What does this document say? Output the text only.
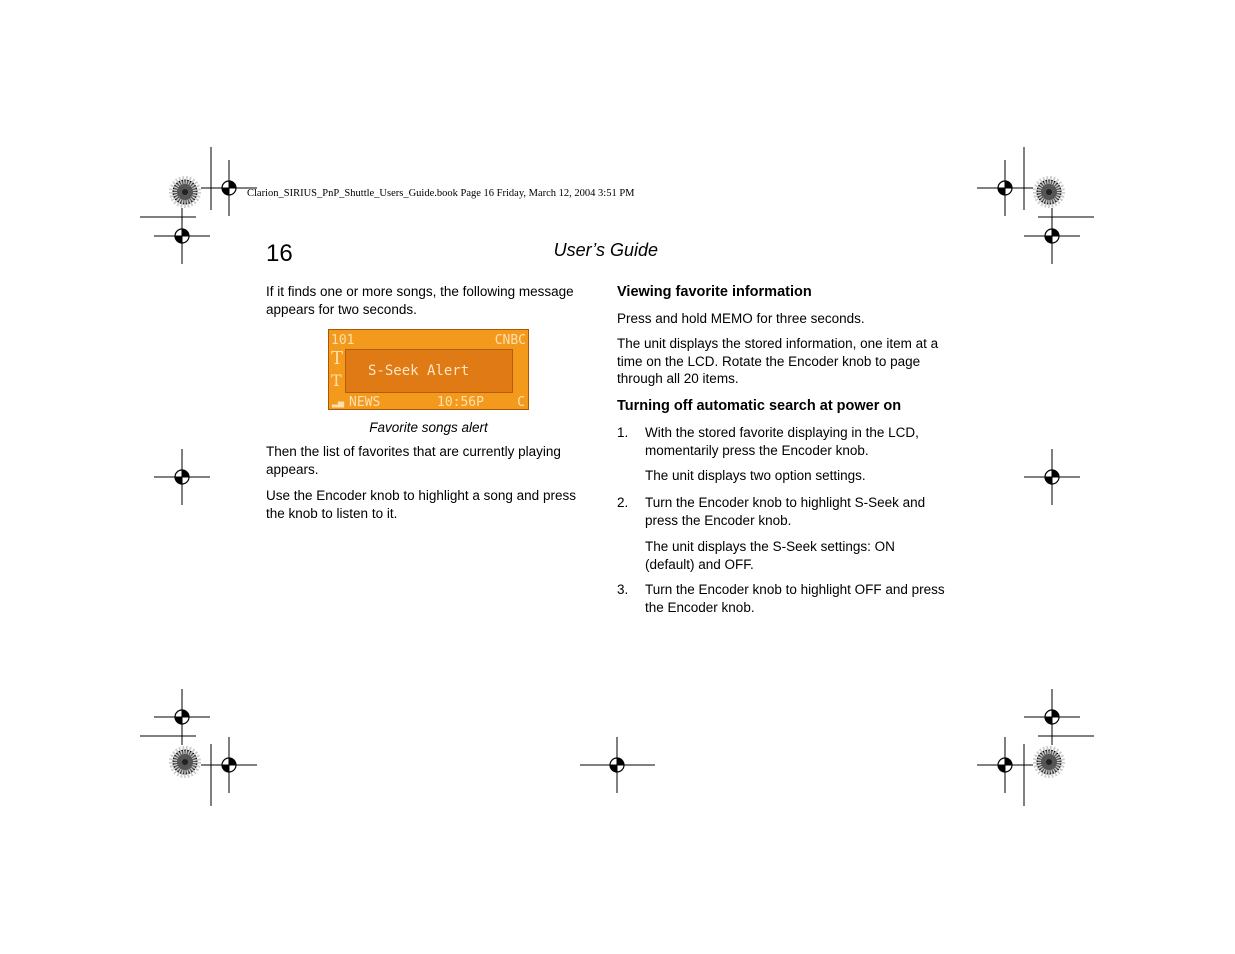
Clarion_SIRIUS_PnP_Shuttle_Users_Guide.book Page 16 Friday, March 12, 2004 3:51 PM
16	User’s Guide

If it finds one or more songs, the following message appears for two seconds.

101	CNBC
T
T S-Seek Alert
▂▄ NEWS	10:56P	C
Favorite songs alert

Then the list of favorites that are currently playing appears.

Use the Encoder knob to highlight a song and press the knob to listen to it.

Viewing favorite information

Press and hold MEMO for three seconds.

The unit displays the stored information, one item at a time on the LCD. Rotate the Encoder knob to page through all 20 items.

Turning off automatic search at power on
1. With the stored favorite displaying in the LCD, momentarily press the Encoder knob.

The unit displays two option settings.

2. Turn the Encoder knob to highlight S-Seek and press the Encoder knob.

The unit displays the S-Seek settings: ON (default) and OFF.

3. Turn the Encoder knob to highlight OFF and press the Encoder knob.
